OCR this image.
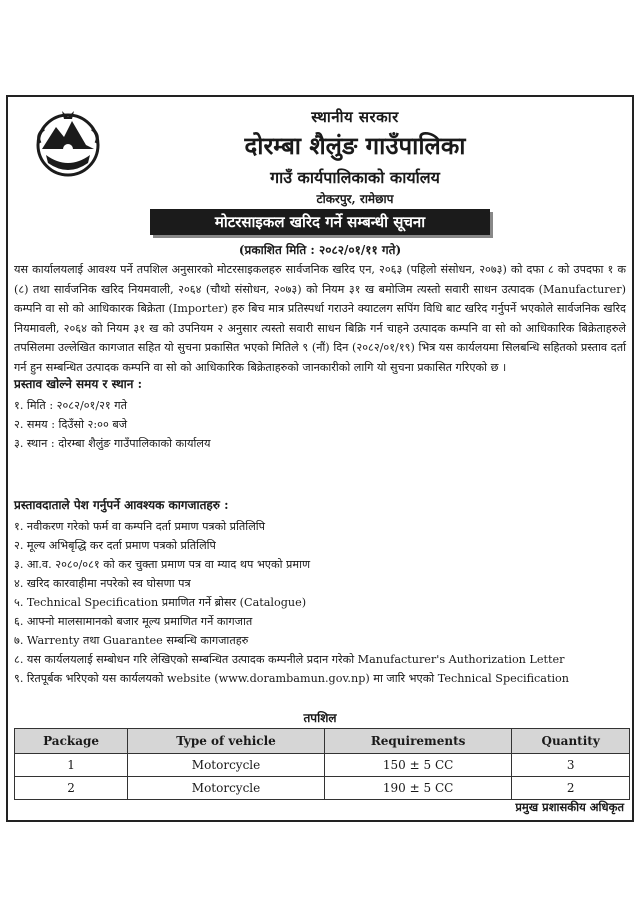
स्थानीय सरकार
दोरम्बा शैलुंङ गाउँपालिका
गाउँ कार्यपालिकाको कार्यालय
टोकरपुर, रामेछाप
मोटरसाइकल खरिद गर्ने सम्बन्धी सूचना
(प्रकाशित मिति : २०८२/०१/११ गते)
यस कार्यालयलाई आवश्य पर्ने तपशिल अनुसारको मोटरसाइकलहरु सार्वजनिक खरिद एन, २०६३ (पहिलो संसोधन, २०७३) को दफा ८ को उपदफा १ क (८) तथा सार्वजनिक खरिद नियमवाली, २०६४ (चौथो संसोधन, २०७३) को नियम ३१ ख बमोजिम त्यस्तो सवारी साधन उत्पादक (Manufacturer) कम्पनि वा सो को आधिकारक बिक्रेता (Importer) हरु बिच मात्र प्रतिस्पर्धा गराउने क्याटलग सपिंग विधि बाट खरिद गर्नुपर्ने भएकोले सार्वजनिक खरिद नियमावली, २०६४ को नियम ३१ ख को उपनियम २ अनुसार त्यस्तो सवारी साधन बिक्रि गर्न चाहने उत्पादक कम्पनि वा सो को आधिकारिक बिक्रेताहरुले तपसिलमा उल्लेखित कागजात सहित यो सुचना प्रकासित भएको मितिले ९ (नौं) दिन (२०८२/०१/१९) भित्र यस कार्यलयमा सिलबन्धि सहितको प्रस्ताव दर्ता गर्न हुन सम्बन्धित उत्पादक कम्पनि वा सो को आधिकारिक बिक्रेताहरुको जानकारीको लागि यो सुचना प्रकासित गरिएको छ ।
प्रस्ताव खोल्ने समय र स्थान :
१. मिति : २०८२/०१/२१ गते
२. समय : दिउँसो २:०० बजे
३. स्थान : दोरम्बा शैलुंङ गाउँपालिकाको कार्यालय
प्रस्तावदाताले पेश गर्नुपर्ने आवश्यक कागजातहरु :
१. नवीकरण गरेको फर्म वा कम्पनि दर्ता प्रमाण पत्रको प्रतिलिपि
२. मूल्य अभिबृद्धि कर दर्ता प्रमाण पत्रको प्रतिलिपि
३. आ.व. २०८०/०८१ को कर चुक्ता प्रमाण पत्र वा म्याद थप भएको प्रमाण
४. खरिद कारवाहीमा नपरेको स्व घोसणा पत्र
५. Technical Specification प्रमाणित गर्ने ब्रोसर (Catalogue)
६. आफ्नो मालसामानको बजार मूल्य प्रमाणित गर्ने कागजात
७. Warrenty तथा Guarantee सम्बन्धि कागजातहरु
८. यस कार्यलयलाई सम्बोधन गरि लेखिएको सम्बन्धित उत्पादक कम्पनीले प्रदान गरेको Manufacturer's Authorization Letter
९. रितपूर्बक भरिएको यस कार्यलयको website (www.dorambamun.gov.np) मा जारि भएको Technical Specification
तपशिल
Package	Type of vehicle	Requirements	Quantity
1	Motorcycle	150 ± 5 CC	3
2	Motorcycle	190 ± 5 CC	2
प्रमुख प्रशासकीय अधिकृत
